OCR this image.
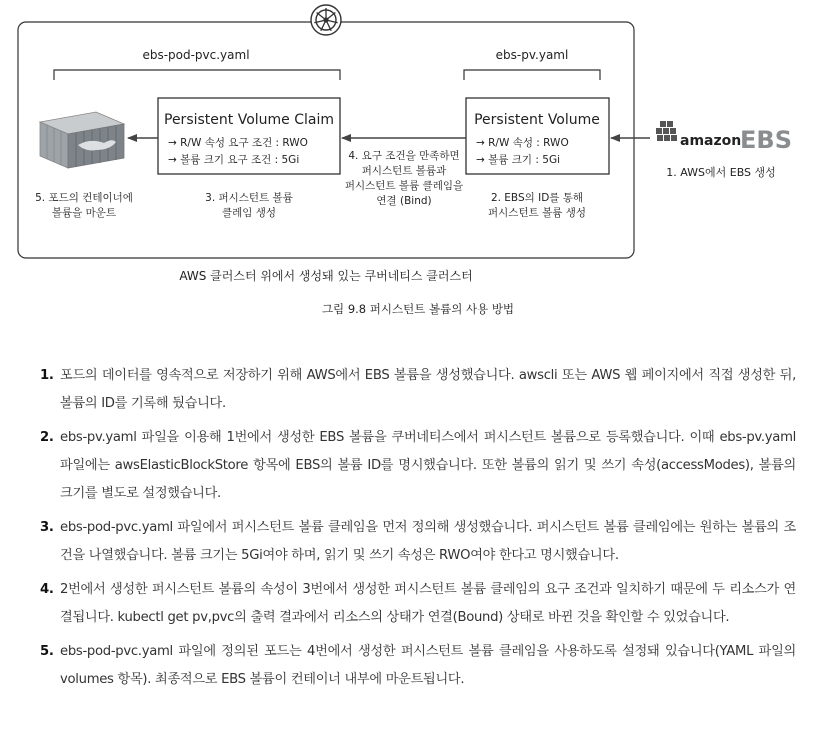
ebs-pod-pvc.yaml	ebs-pv.yaml
Persistent Volume Claim
→ R/W 속성 요구 조건 : RWO
→ 볼륨 크기 요구 조건 : 5Gi
Persistent Volume
→ R/W 속성 : RWO
→ 볼륨 크기 : 5Gi
amazon
EBS
1. AWS에서 EBS 생성
2. EBS의 ID를 통해
퍼시스턴트 볼륨 생성
3. 퍼시스턴트 볼륨
클레임 생성
4. 요구 조건을 만족하면
퍼시스턴트 볼륨과
퍼시스턴트 볼륨 클레임을
연결 (Bind)
5. 포드의 컨테이너에
볼륨을 마운트
AWS 클러스터 위에서 생성돼 있는 쿠버네티스 클러스터
그림 9.8 퍼시스턴트 볼륨의 사용 방법
1. 포드의 데이터를 영속적으로 저장하기 위해 AWS에서 EBS 볼륨을 생성했습니다. awscli 또는 AWS 웹 페이지에서 직접 생성한 뒤, 볼륨의 ID를 기록해 뒀습니다.
2. ebs-pv.yaml 파일을 이용해 1번에서 생성한 EBS 볼륨을 쿠버네티스에서 퍼시스턴트 볼륨으로 등록했습니다. 이때 ebs-pv.yaml 파일에는 awsElasticBlockStore 항목에 EBS의 볼륨 ID를 명시했습니다. 또한 볼륨의 읽기 및 쓰기 속성(accessModes), 볼륨의 크기를 별도로 설정했습니다.
3. ebs-pod-pvc.yaml 파일에서 퍼시스턴트 볼륨 클레임을 먼저 정의해 생성했습니다. 퍼시스턴트 볼륨 클레임에는 원하는 볼륨의 조건을 나열했습니다. 볼륨 크기는 5Gi여야 하며, 읽기 및 쓰기 속성은 RWO여야 한다고 명시했습니다.
4. 2번에서 생성한 퍼시스턴트 볼륨의 속성이 3번에서 생성한 퍼시스턴트 볼륨 클레임의 요구 조건과 일치하기 때문에 두 리소스가 연결됩니다. kubectl get pv,pvc의 출력 결과에서 리소스의 상태가 연결(Bound) 상태로 바뀐 것을 확인할 수 있었습니다.
5. ebs-pod-pvc.yaml 파일에 정의된 포드는 4번에서 생성한 퍼시스턴트 볼륨 클레임을 사용하도록 설정돼 있습니다(YAML 파일의 volumes 항목). 최종적으로 EBS 볼륨이 컨테이너 내부에 마운트됩니다.
